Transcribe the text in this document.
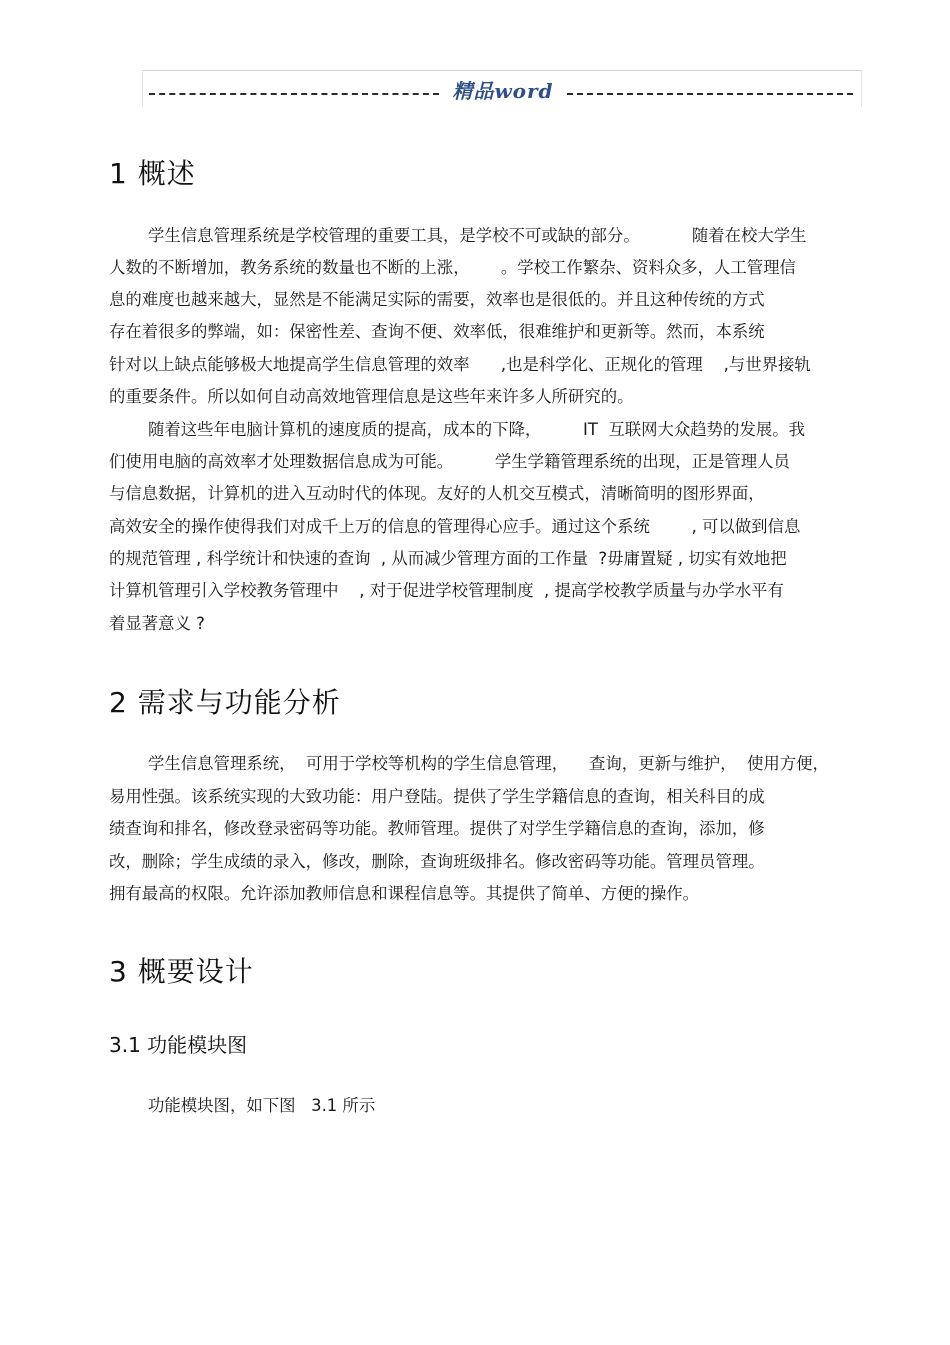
精品word
1 概述
学生信息管理系统是学校管理的重要工具，是学校不可或缺的部分。          随着在校大学生
人数的不断增加，教务系统的数量也不断的上涨，      。学校工作繁杂、资料众多，人工管理信
息的难度也越来越大，显然是不能满足实际的需要，效率也是很低的。并且这种传统的方式
存在着很多的弊端，如：保密性差、查询不便、效率低，很难维护和更新等。然而，本系统
针对以上缺点能够极大地提高学生信息管理的效率      ,也是科学化、正规化的管理    ,与世界接轨
的重要条件。所以如何自动高效地管理信息是这些年来许多人所研究的。
随着这些年电脑计算机的速度质的提高，成本的下降，        IT  互联网大众趋势的发展。我
们使用电脑的高效率才处理数据信息成为可能。        学生学籍管理系统的出现，正是管理人员
与信息数据，计算机的进入互动时代的体现。友好的人机交互模式，清晰简明的图形界面，
高效安全的操作使得我们对成千上万的信息的管理得心应手。通过这个系统        , 可以做到信息
的规范管理 , 科学统计和快速的查询  , 从而减少管理方面的工作量  ?毋庸置疑 , 切实有效地把
计算机管理引入学校教务管理中    , 对于促进学校管理制度  , 提高学校教学质量与办学水平有
着显著意义 ?
2 需求与功能分析
学生信息管理系统，  可用于学校等机构的学生信息管理，    查询，更新与维护，  使用方便，
易用性强。该系统实现的大致功能：用户登陆。提供了学生学籍信息的查询，相关科目的成
绩查询和排名，修改登录密码等功能。教师管理。提供了对学生学籍信息的查询，添加，修
改，删除；学生成绩的录入，修改，删除，查询班级排名。修改密码等功能。管理员管理。
拥有最高的权限。允许添加教师信息和课程信息等。其提供了简单、方便的操作。
3 概要设计
3.1 功能模块图
功能模块图，如下图   3.1 所示
